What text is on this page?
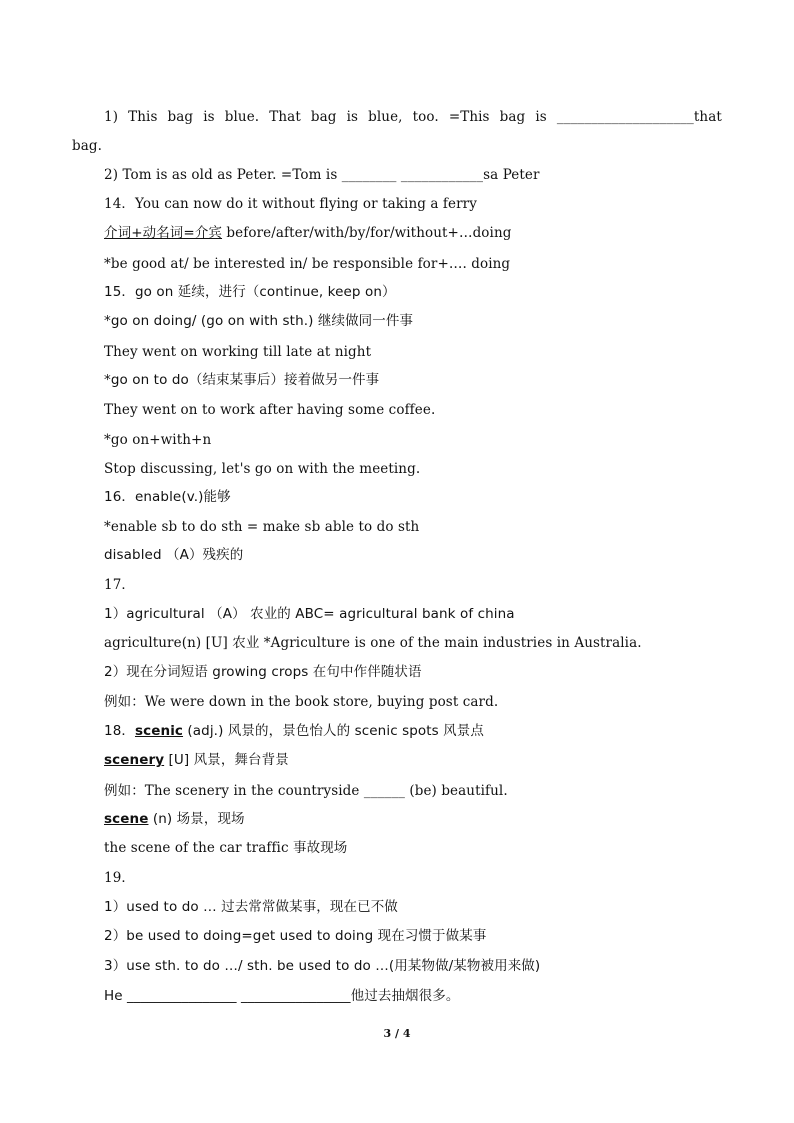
1) This bag is blue. That bag is blue, too. =This bag is ____________________that
bag.
2) Tom is as old as Peter. =Tom is ________ ____________sa Peter
14．You can now do it without flying or taking a ferry
介词+动名词=介宾 before/after/with/by/for/without+…doing
*be good at/ be interested in/ be responsible for+…. doing
15．go on 延续，进行（continue, keep on）
*go on doing/ (go on with sth.) 继续做同一件事
They went on working till late at night
*go on to do（结束某事后）接着做另一件事
They went on to work after having some coffee.
*go on+with+n
Stop discussing, let's go on with the meeting.
16．enable(v.)能够
*enable sb to do sth = make sb able to do sth
disabled （A）残疾的
17．
1）agricultural （A） 农业的 ABC= agricultural bank of china
agriculture(n) [U] 农业 *Agriculture is one of the main industries in Australia.
2）现在分词短语 growing crops 在句中作伴随状语
例如：We were down in the book store, buying post card.
18．scenic (adj.) 风景的，景色怡人的 scenic spots 风景点
scenery [U] 风景，舞台背景
例如：The scenery in the countryside ______ (be) beautiful.
scene (n) 场景，现场
the scene of the car traffic 事故现场
19．
1）used to do … 过去常常做某事，现在已不做
2）be used to doing=get used to doing 现在习惯于做某事
3）use sth. to do …/ sth. be used to do …(用某物做/某物被用来做)
He ________________ ________________他过去抽烟很多。
3 / 4
